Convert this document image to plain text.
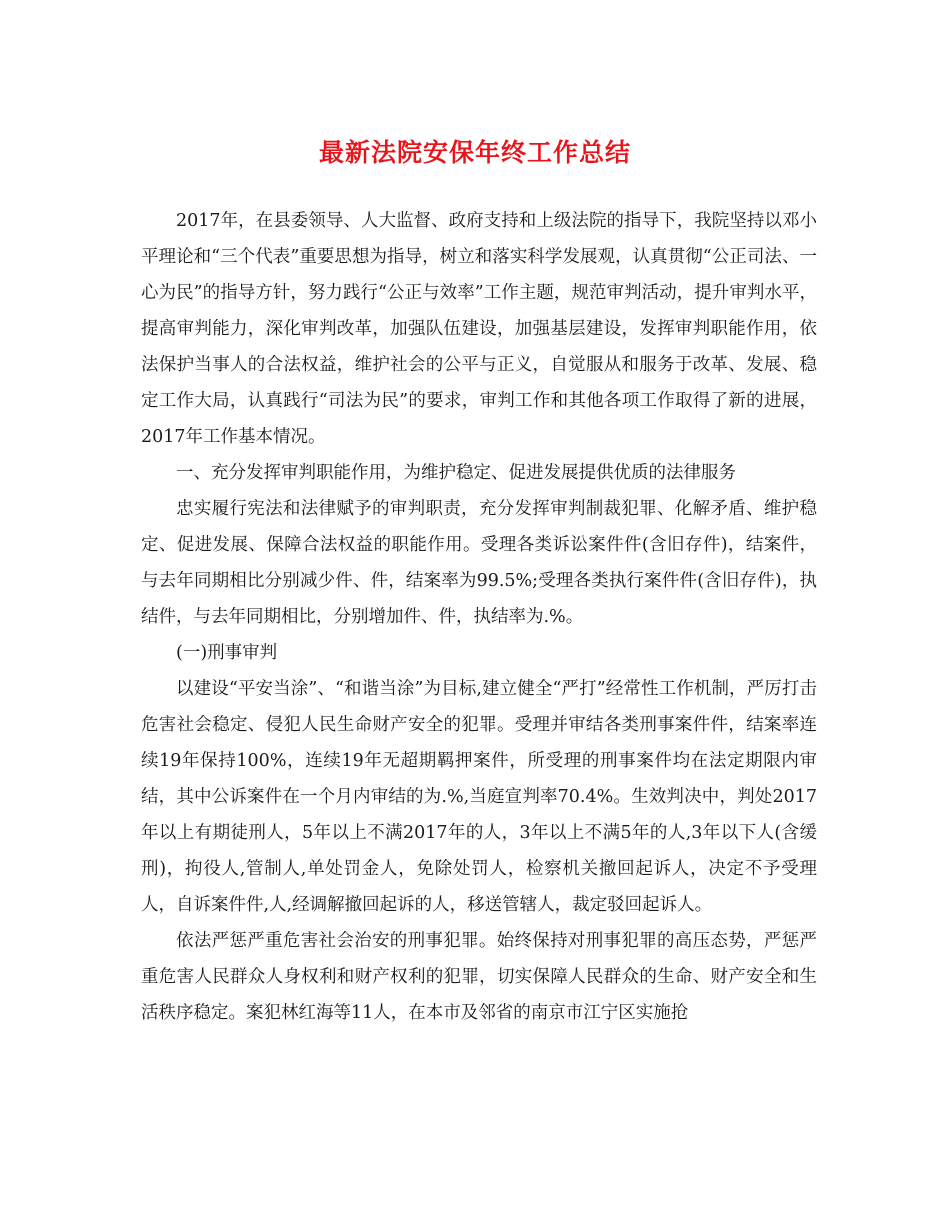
最新法院安保年终工作总结

2017年，在县委领导、人大监督、政府支持和上级法院的指导下，我院坚持以邓小平理论和“三个代表”重要思想为指导，树立和落实科学发展观，认真贯彻“公正司法、一心为民”的指导方针，努力践行“公正与效率”工作主题，规范审判活动，提升审判水平，提高审判能力，深化审判改革，加强队伍建设，加强基层建设，发挥审判职能作用，依法保护当事人的合法权益，维护社会的公平与正义，自觉服从和服务于改革、发展、稳定工作大局，认真践行“司法为民”的要求，审判工作和其他各项工作取得了新的进展，2017年工作基本情况。

一、充分发挥审判职能作用，为维护稳定、促进发展提供优质的法律服务

忠实履行宪法和法律赋予的审判职责，充分发挥审判制裁犯罪、化解矛盾、维护稳定、促进发展、保障合法权益的职能作用。受理各类诉讼案件件(含旧存件)，结案件，与去年同期相比分别减少件、件，结案率为99.5%;受理各类执行案件件(含旧存件)，执结件，与去年同期相比，分别增加件、件，执结率为.%。

(一)刑事审判

以建设“平安当涂”、“和谐当涂”为目标,建立健全“严打”经常性工作机制，严厉打击危害社会稳定、侵犯人民生命财产安全的犯罪。受理并审结各类刑事案件件，结案率连续19年保持100%，连续19年无超期羁押案件，所受理的刑事案件均在法定期限内审结，其中公诉案件在一个月内审结的为.%,当庭宣判率70.4%。生效判决中，判处2017年以上有期徒刑人，5年以上不满2017年的人，3年以上不满5年的人,3年以下人(含缓刑)，拘役人,管制人,单处罚金人，免除处罚人，检察机关撤回起诉人，决定不予受理人，自诉案件件,人,经调解撤回起诉的人，移送管辖人，裁定驳回起诉人。

依法严惩严重危害社会治安的刑事犯罪。始终保持对刑事犯罪的高压态势，严惩严重危害人民群众人身权利和财产权利的犯罪，切实保障人民群众的生命、财产安全和生活秩序稳定。案犯林红海等11人，在本市及邻省的南京市江宁区实施抢
